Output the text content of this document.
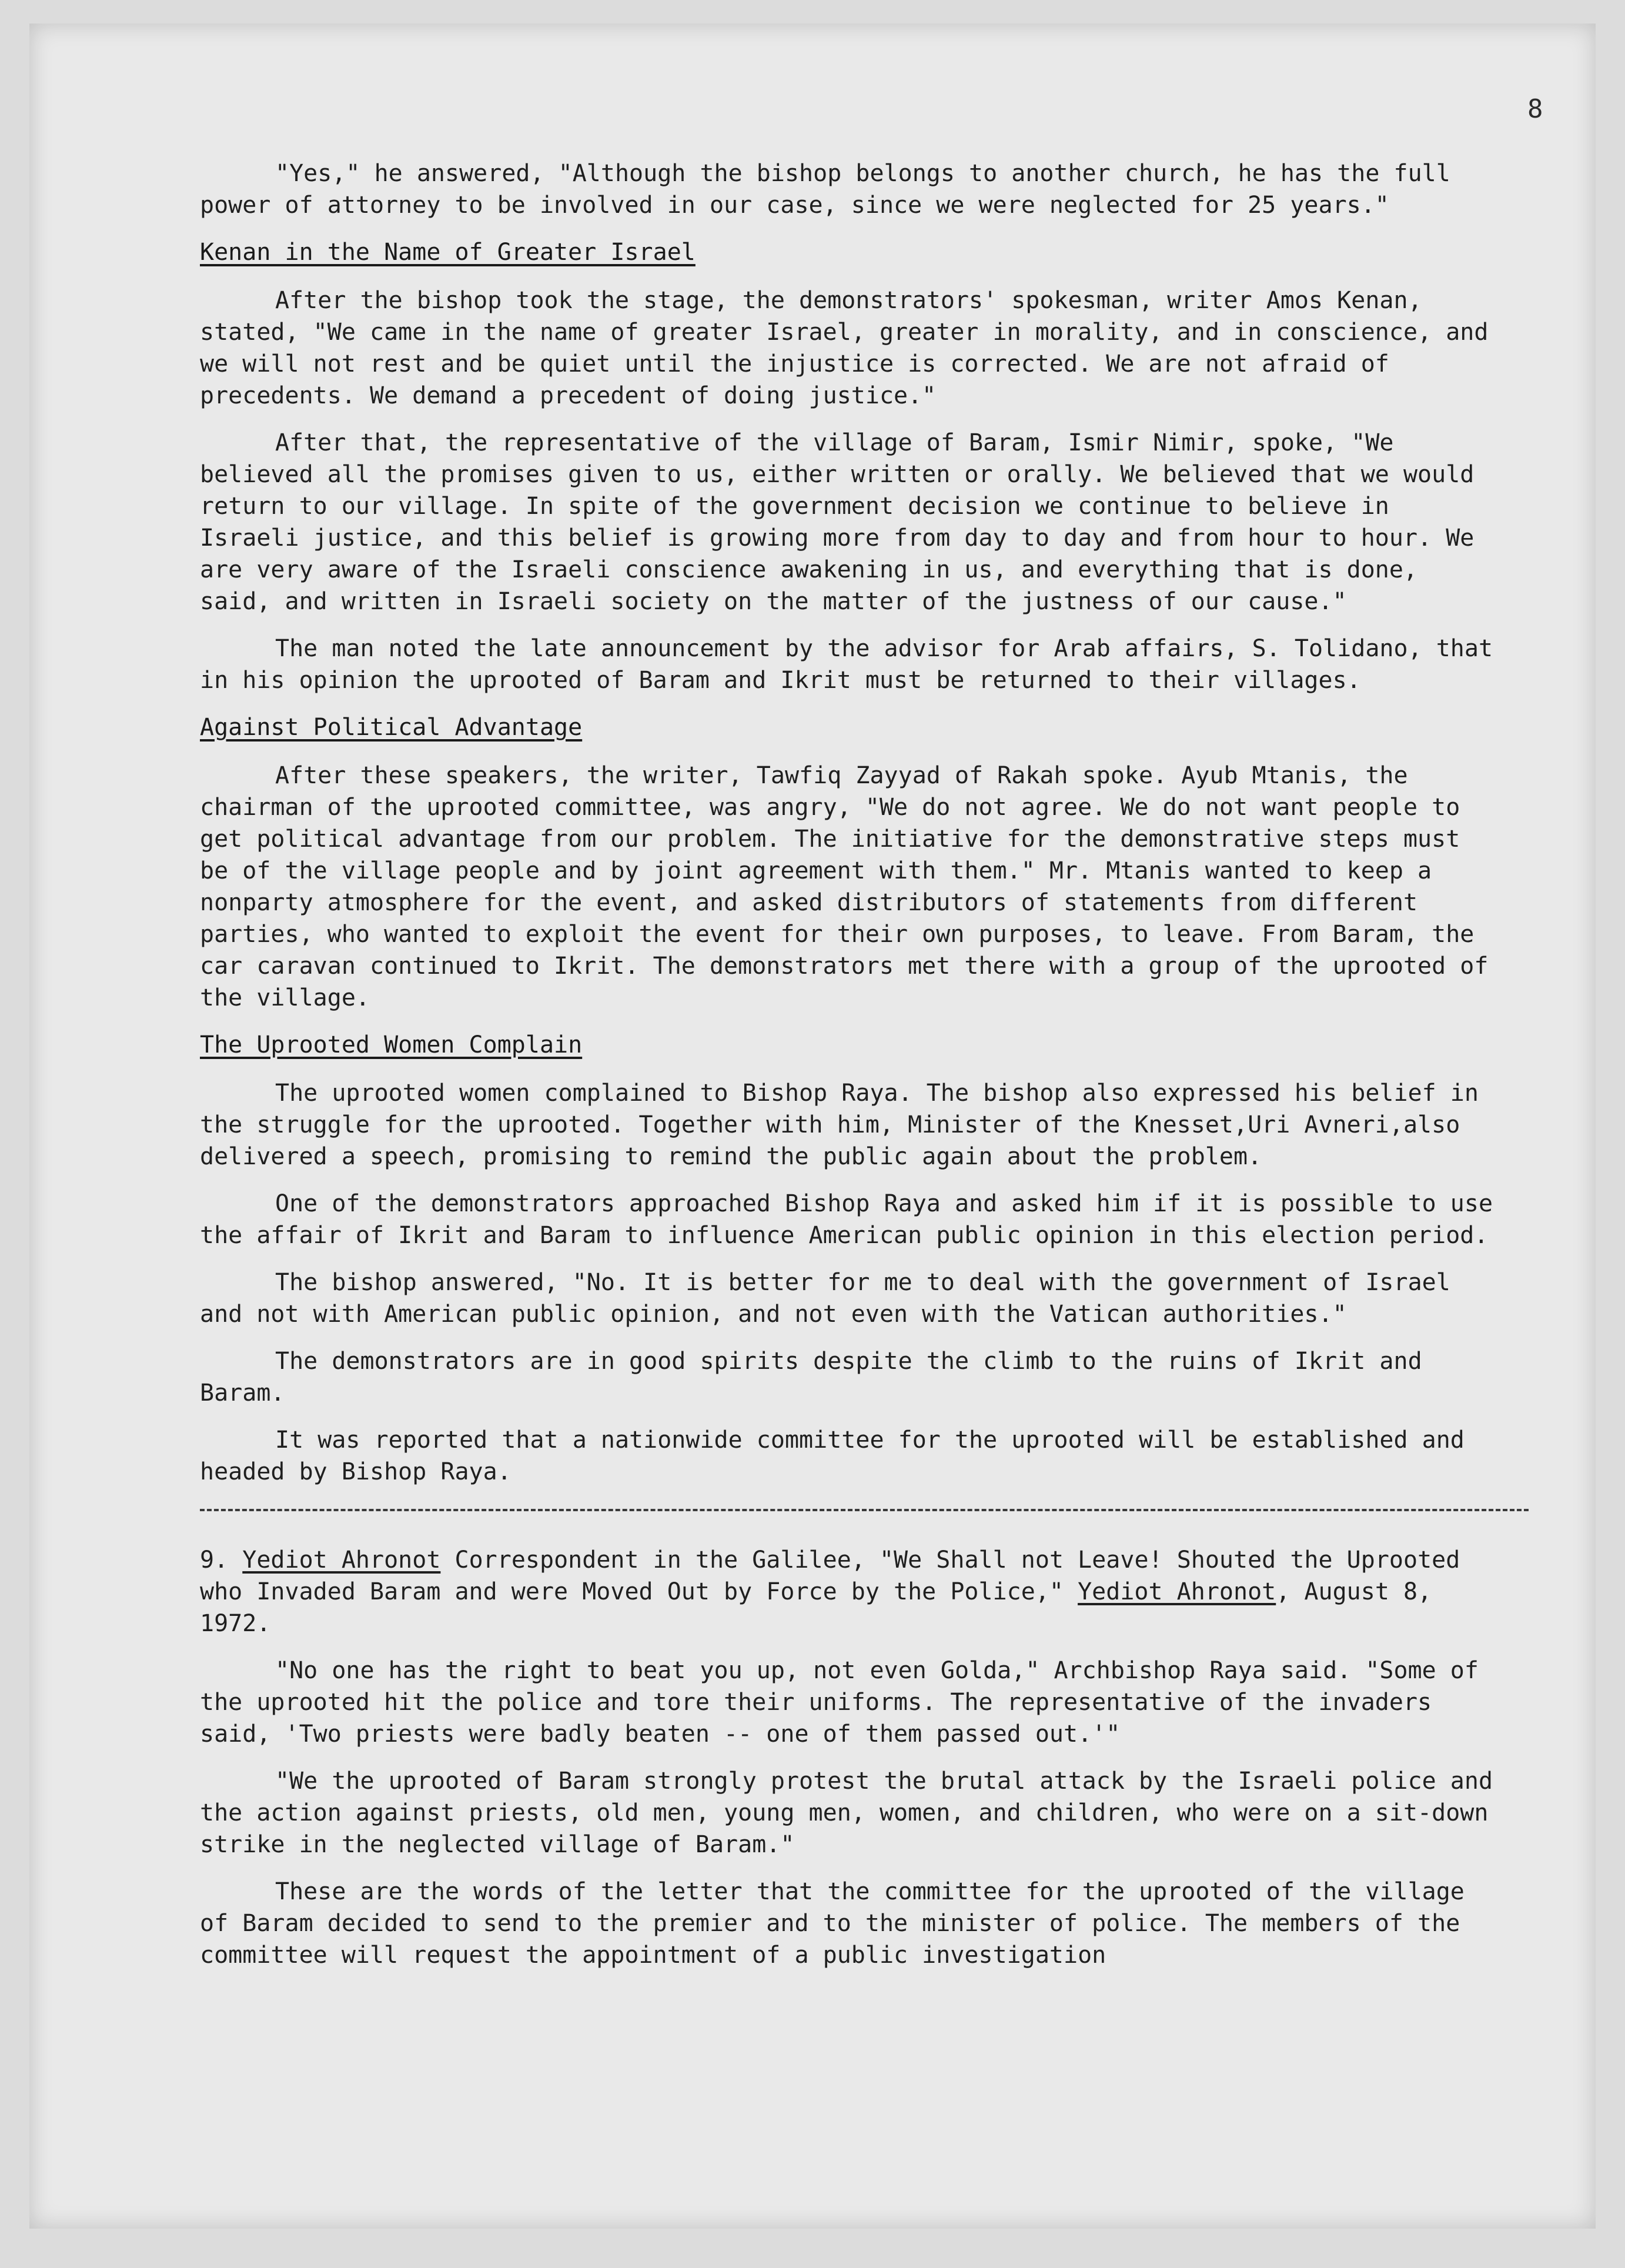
8

"Yes," he answered, "Although the bishop belongs to another church, he has the full power of attorney to be involved in our case, since we were neglected for 25 years."

Kenan in the Name of Greater Israel

After the bishop took the stage, the demonstrators' spokesman, writer Amos Kenan, stated, "We came in the name of greater Israel, greater in morality, and in conscience, and we will not rest and be quiet until the injustice is corrected. We are not afraid of precedents. We demand a precedent of doing justice."

After that, the representative of the village of Baram, Ismir Nimir, spoke, "We believed all the promises given to us, either written or orally. We believed that we would return to our village. In spite of the government decision we continue to believe in Israeli justice, and this belief is growing more from day to day and from hour to hour. We are very aware of the Israeli conscience awakening in us, and everything that is done, said, and written in Israeli society on the matter of the justness of our cause."

The man noted the late announcement by the advisor for Arab affairs, S. Tolidano, that in his opinion the uprooted of Baram and Ikrit must be returned to their villages.

Against Political Advantage

After these speakers, the writer, Tawfiq Zayyad of Rakah spoke. Ayub Mtanis, the chairman of the uprooted committee, was angry, "We do not agree. We do not want people to get political advantage from our problem. The initiative for the demonstrative steps must be of the village people and by joint agreement with them." Mr. Mtanis wanted to keep a nonparty atmosphere for the event, and asked distributors of statements from different parties, who wanted to exploit the event for their own purposes, to leave. From Baram, the car caravan continued to Ikrit. The demonstrators met there with a group of the uprooted of the village.

The Uprooted Women Complain

The uprooted women complained to Bishop Raya. The bishop also expressed his belief in the struggle for the uprooted. Together with him, Minister of the Knesset,Uri Avneri,also delivered a speech, promising to remind the public again about the problem.

One of the demonstrators approached Bishop Raya and asked him if it is possible to use the affair of Ikrit and Baram to influence American public opinion in this election period.

The bishop answered, "No. It is better for me to deal with the government of Israel and not with American public opinion, and not even with the Vatican authorities."

The demonstrators are in good spirits despite the climb to the ruins of Ikrit and Baram.

It was reported that a nationwide committee for the uprooted will be established and headed by Bishop Raya.

9. Yediot Ahronot Correspondent in the Galilee, "We Shall not Leave! Shouted the Uprooted who Invaded Baram and were Moved Out by Force by the Police," Yediot Ahronot, August 8, 1972.

"No one has the right to beat you up, not even Golda," Archbishop Raya said. "Some of the uprooted hit the police and tore their uniforms. The representative of the invaders said, 'Two priests were badly beaten -- one of them passed out.'"

"We the uprooted of Baram strongly protest the brutal attack by the Israeli police and the action against priests, old men, young men, women, and children, who were on a sit-down strike in the neglected village of Baram."

These are the words of the letter that the committee for the uprooted of the village of Baram decided to send to the premier and to the minister of police. The members of the committee will request the appointment of a public investigation
